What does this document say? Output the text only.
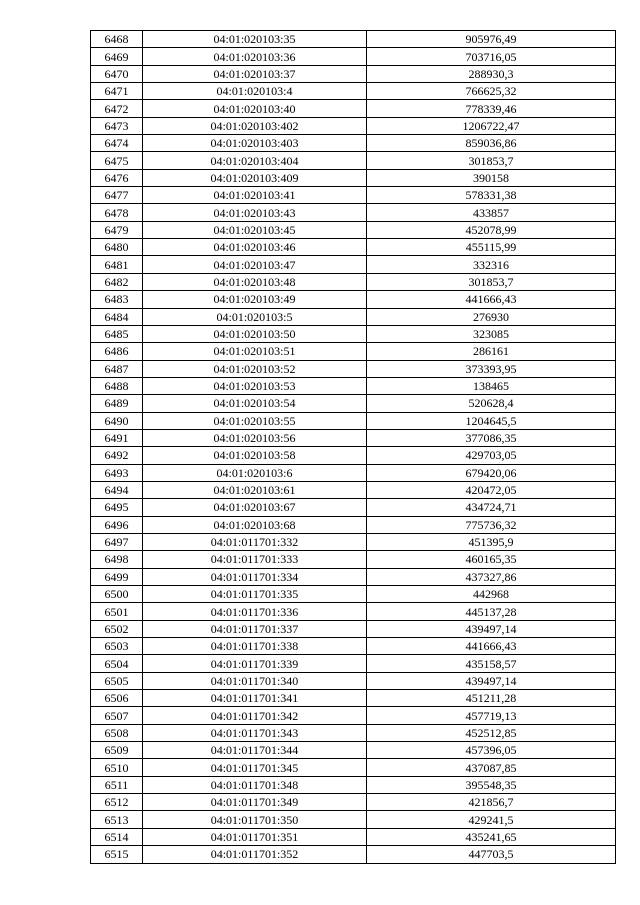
6468	04:01:020103:35	905976,49
6469	04:01:020103:36	703716,05
6470	04:01:020103:37	288930,3
6471	04:01:020103:4	766625,32
6472	04:01:020103:40	778339,46
6473	04:01:020103:402	1206722,47
6474	04:01:020103:403	859036,86
6475	04:01:020103:404	301853,7
6476	04:01:020103:409	390158
6477	04:01:020103:41	578331,38
6478	04:01:020103:43	433857
6479	04:01:020103:45	452078,99
6480	04:01:020103:46	455115,99
6481	04:01:020103:47	332316
6482	04:01:020103:48	301853,7
6483	04:01:020103:49	441666,43
6484	04:01:020103:5	276930
6485	04:01:020103:50	323085
6486	04:01:020103:51	286161
6487	04:01:020103:52	373393,95
6488	04:01:020103:53	138465
6489	04:01:020103:54	520628,4
6490	04:01:020103:55	1204645,5
6491	04:01:020103:56	377086,35
6492	04:01:020103:58	429703,05
6493	04:01:020103:6	679420,06
6494	04:01:020103:61	420472,05
6495	04:01:020103:67	434724,71
6496	04:01:020103:68	775736,32
6497	04:01:011701:332	451395,9
6498	04:01:011701:333	460165,35
6499	04:01:011701:334	437327,86
6500	04:01:011701:335	442968
6501	04:01:011701:336	445137,28
6502	04:01:011701:337	439497,14
6503	04:01:011701:338	441666,43
6504	04:01:011701:339	435158,57
6505	04:01:011701:340	439497,14
6506	04:01:011701:341	451211,28
6507	04:01:011701:342	457719,13
6508	04:01:011701:343	452512,85
6509	04:01:011701:344	457396,05
6510	04:01:011701:345	437087,85
6511	04:01:011701:348	395548,35
6512	04:01:011701:349	421856,7
6513	04:01:011701:350	429241,5
6514	04:01:011701:351	435241,65
6515	04:01:011701:352	447703,5
